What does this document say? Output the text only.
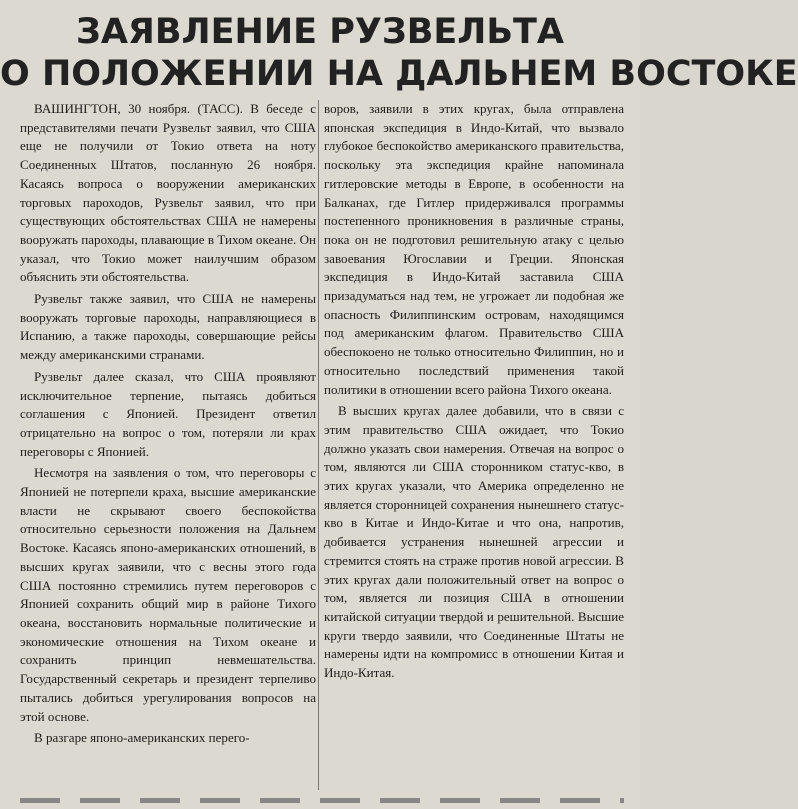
ЗАЯВЛЕНИЕ РУЗВЕЛЬТА
О ПОЛОЖЕНИИ НА ДАЛЬНЕМ ВОСТОКЕ

ВАШИНГТОН, 30 ноября. (ТАСС). В беседе с представителями печати Рузвельт заявил, что США еще не получили от Токио ответа на ноту Соединенных Штатов, посланную 26 ноября. Касаясь вопроса о вооружении американских торговых пароходов, Рузвельт заявил, что при существующих обстоятельствах США не намерены вооружать пароходы, плавающие в Тихом океане. Он указал, что Токио может наилучшим образом объяснить эти обстоятельства.

Рузвельт также заявил, что США не намерены вооружать торговые пароходы, направляющиеся в Испанию, а также пароходы, совершающие рейсы между американскими странами.

Рузвельт далее сказал, что США проявляют исключительное терпение, пытаясь добиться соглашения с Японией. Президент ответил отрицательно на вопрос о том, потеряли ли крах переговоры с Японией.

Несмотря на заявления о том, что переговоры с Японией не потерпели краха, высшие американские власти не скрывают своего беспокойства относительно серьезности положения на Дальнем Востоке. Касаясь японо-американских отношений, в высших кругах заявили, что с весны этого года США постоянно стремились путем переговоров с Японией сохранить общий мир в районе Тихого океана, восстановить нормальные политические и экономические отношения на Тихом океане и сохранить принцип невмешательства. Государственный секретарь и президент терпеливо пытались добиться урегулирования вопросов на этой основе.

В разгаре японо-американских перего-

воров, заявили в этих кругах, была отправлена японская экспедиция в Индо-Китай, что вызвало глубокое беспокойство американского правительства, поскольку эта экспедиция крайне напоминала гитлеровские методы в Европе, в особенности на Балканах, где Гитлер придерживался программы постепенного проникновения в различные страны, пока он не подготовил решительную атаку с целью завоевания Югославии и Греции. Японская экспедиция в Индо-Китай заставила США призадуматься над тем, не угрожает ли подобная же опасность Филиппинским островам, находящимся под американским флагом. Правительство США обеспокоено не только относительно Филиппин, но и относительно последствий применения такой политики в отношении всего района Тихого океана.

В высших кругах далее добавили, что в связи с этим правительство США ожидает, что Токио должно указать свои намерения. Отвечая на вопрос о том, являются ли США сторонником статус-кво, в этих кругах указали, что Америка определенно не является сторонницей сохранения нынешнего статус-кво в Китае и Индо-Китае и что она, напротив, добивается устранения нынешней агрессии и стремится стоять на страже против новой агрессии. В этих кругах дали положительный ответ на вопрос о том, является ли позиция США в отношении китайской ситуации твердой и решительной. Высшие круги твердо заявили, что Соединенные Штаты не намерены идти на компромисс в отношении Китая и Индо-Китая.
